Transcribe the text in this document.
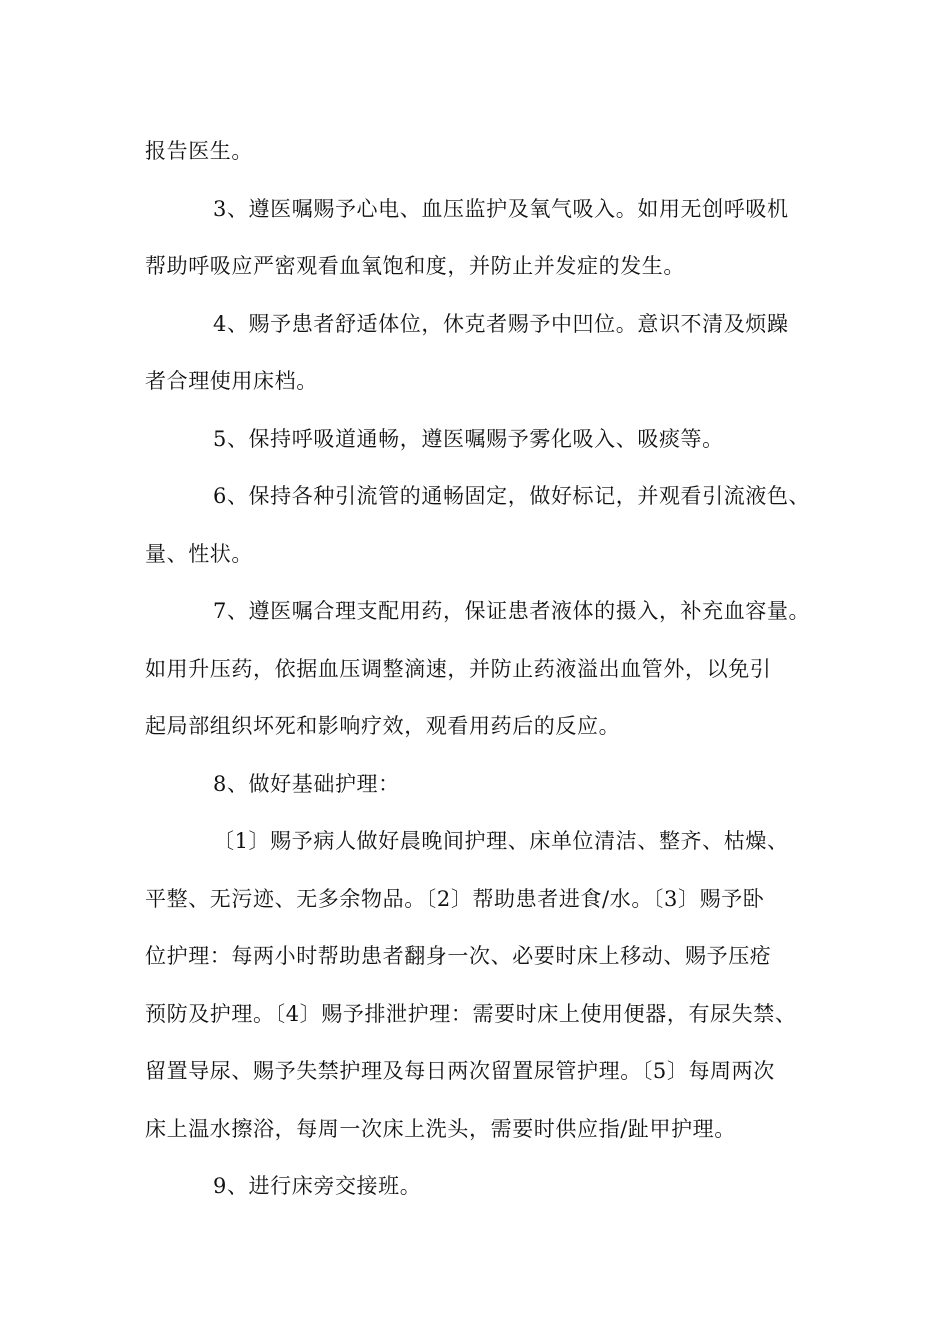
报告医生。
3、遵医嘱赐予心电、血压监护及氧气吸入。如用无创呼吸机
帮助呼吸应严密观看血氧饱和度，并防止并发症的发生。
4、赐予患者舒适体位，休克者赐予中凹位。意识不清及烦躁
者合理使用床档。
5、保持呼吸道通畅，遵医嘱赐予雾化吸入、吸痰等。
6、保持各种引流管的通畅固定，做好标记，并观看引流液色、
量、性状。
7、遵医嘱合理支配用药，保证患者液体的摄入，补充血容量。
如用升压药，依据血压调整滴速，并防止药液溢出血管外，以免引
起局部组织坏死和影响疗效，观看用药后的反应。
8、做好基础护理：
〔1〕赐予病人做好晨晚间护理、床单位清洁、整齐、枯燥、
平整、无污迹、无多余物品。〔2〕帮助患者进食/水。〔3〕赐予卧
位护理：每两小时帮助患者翻身一次、必要时床上移动、赐予压疮
预防及护理。〔4〕赐予排泄护理：需要时床上使用便器，有尿失禁、
留置导尿、赐予失禁护理及每日两次留置尿管护理。〔5〕每周两次
床上温水擦浴，每周一次床上洗头，需要时供应指/趾甲护理。
9、进行床旁交接班。
